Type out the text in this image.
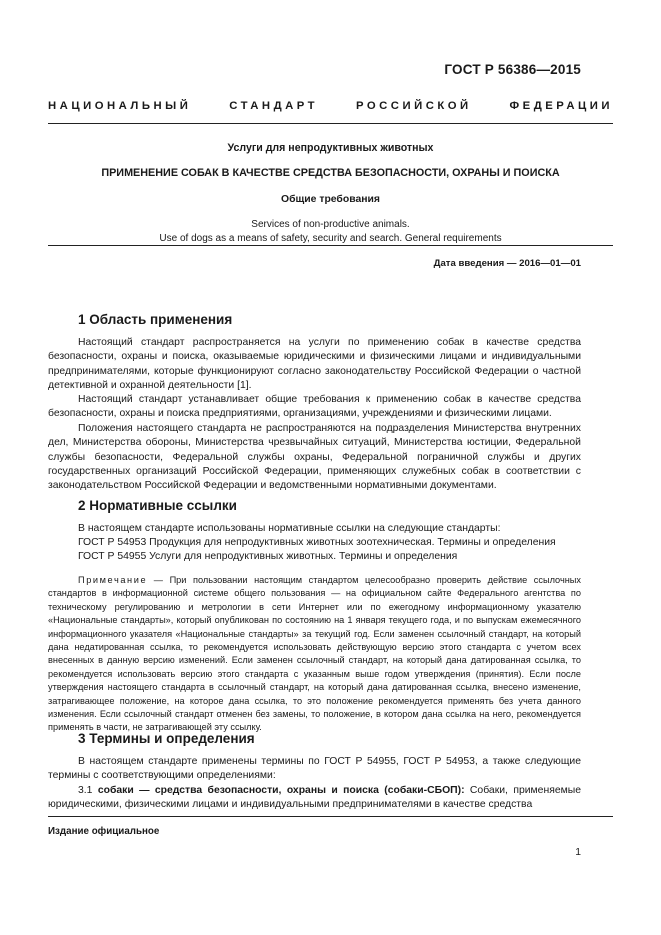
ГОСТ Р 56386—2015
НАЦИОНАЛЬНЫЙ СТАНДАРТ РОССИЙСКОЙ ФЕДЕРАЦИИ
Услуги для непродуктивных животных
ПРИМЕНЕНИЕ СОБАК В КАЧЕСТВЕ СРЕДСТВА БЕЗОПАСНОСТИ, ОХРАНЫ И ПОИСКА
Общие требования
Services of non-productive animals.
Use of dogs as a means of safety, security and search. General requirements
Дата введения — 2016—01—01
1 Область применения
Настоящий стандарт распространяется на услуги по применению собак в качестве средства безопасности, охраны и поиска, оказываемые юридическими и физическими лицами и индивидуальными предпринимателями, которые функционируют согласно законодательству Российской Федерации о частной детективной и охранной деятельности [1].
Настоящий стандарт устанавливает общие требования к применению собак в качестве средства безопасности, охраны и поиска предприятиями, организациями, учреждениями и физическими лицами.
Положения настоящего стандарта не распространяются на подразделения Министерства внутренних дел, Министерства обороны, Министерства чрезвычайных ситуаций, Министерства юстиции, Федеральной службы безопасности, Федеральной службы охраны, Федеральной пограничной службы и других государственных организаций Российской Федерации, применяющих служебных собак в соответствии с законодательством Российской Федерации и ведомственными нормативными документами.
2 Нормативные ссылки
В настоящем стандарте использованы нормативные ссылки на следующие стандарты:
ГОСТ Р 54953 Продукция для непродуктивных животных зоотехническая. Термины и определения
ГОСТ Р 54955 Услуги для непродуктивных животных. Термины и определения
Примечание — При пользовании настоящим стандартом целесообразно проверить действие ссылочных стандартов в информационной системе общего пользования — на официальном сайте Федерального агентства по техническому регулированию и метрологии в сети Интернет или по ежегодному информационному указателю «Национальные стандарты», который опубликован по состоянию на 1 января текущего года, и по выпускам ежемесячного информационного указателя «Национальные стандарты» за текущий год. Если заменен ссылочный стандарт, на который дана недатированная ссылка, то рекомендуется использовать действующую версию этого стандарта с учетом всех внесенных в данную версию изменений. Если заменен ссылочный стандарт, на который дана датированная ссылка, то рекомендуется использовать версию этого стандарта с указанным выше годом утверждения (принятия). Если после утверждения настоящего стандарта в ссылочный стандарт, на который дана датированная ссылка, внесено изменение, затрагивающее положение, на которое дана ссылка, то это положение рекомендуется применять без учета данного изменения. Если ссылочный стандарт отменен без замены, то положение, в котором дана ссылка на него, рекомендуется применять в части, не затрагивающей эту ссылку.
3 Термины и определения
В настоящем стандарте применены термины по ГОСТ Р 54955, ГОСТ Р 54953, а также следующие термины с соответствующими определениями:
3.1 собаки — средства безопасности, охраны и поиска (собаки-СБОП): Собаки, применяемые юридическими, физическими лицами и индивидуальными предпринимателями в качестве средства
Издание официальное
1
